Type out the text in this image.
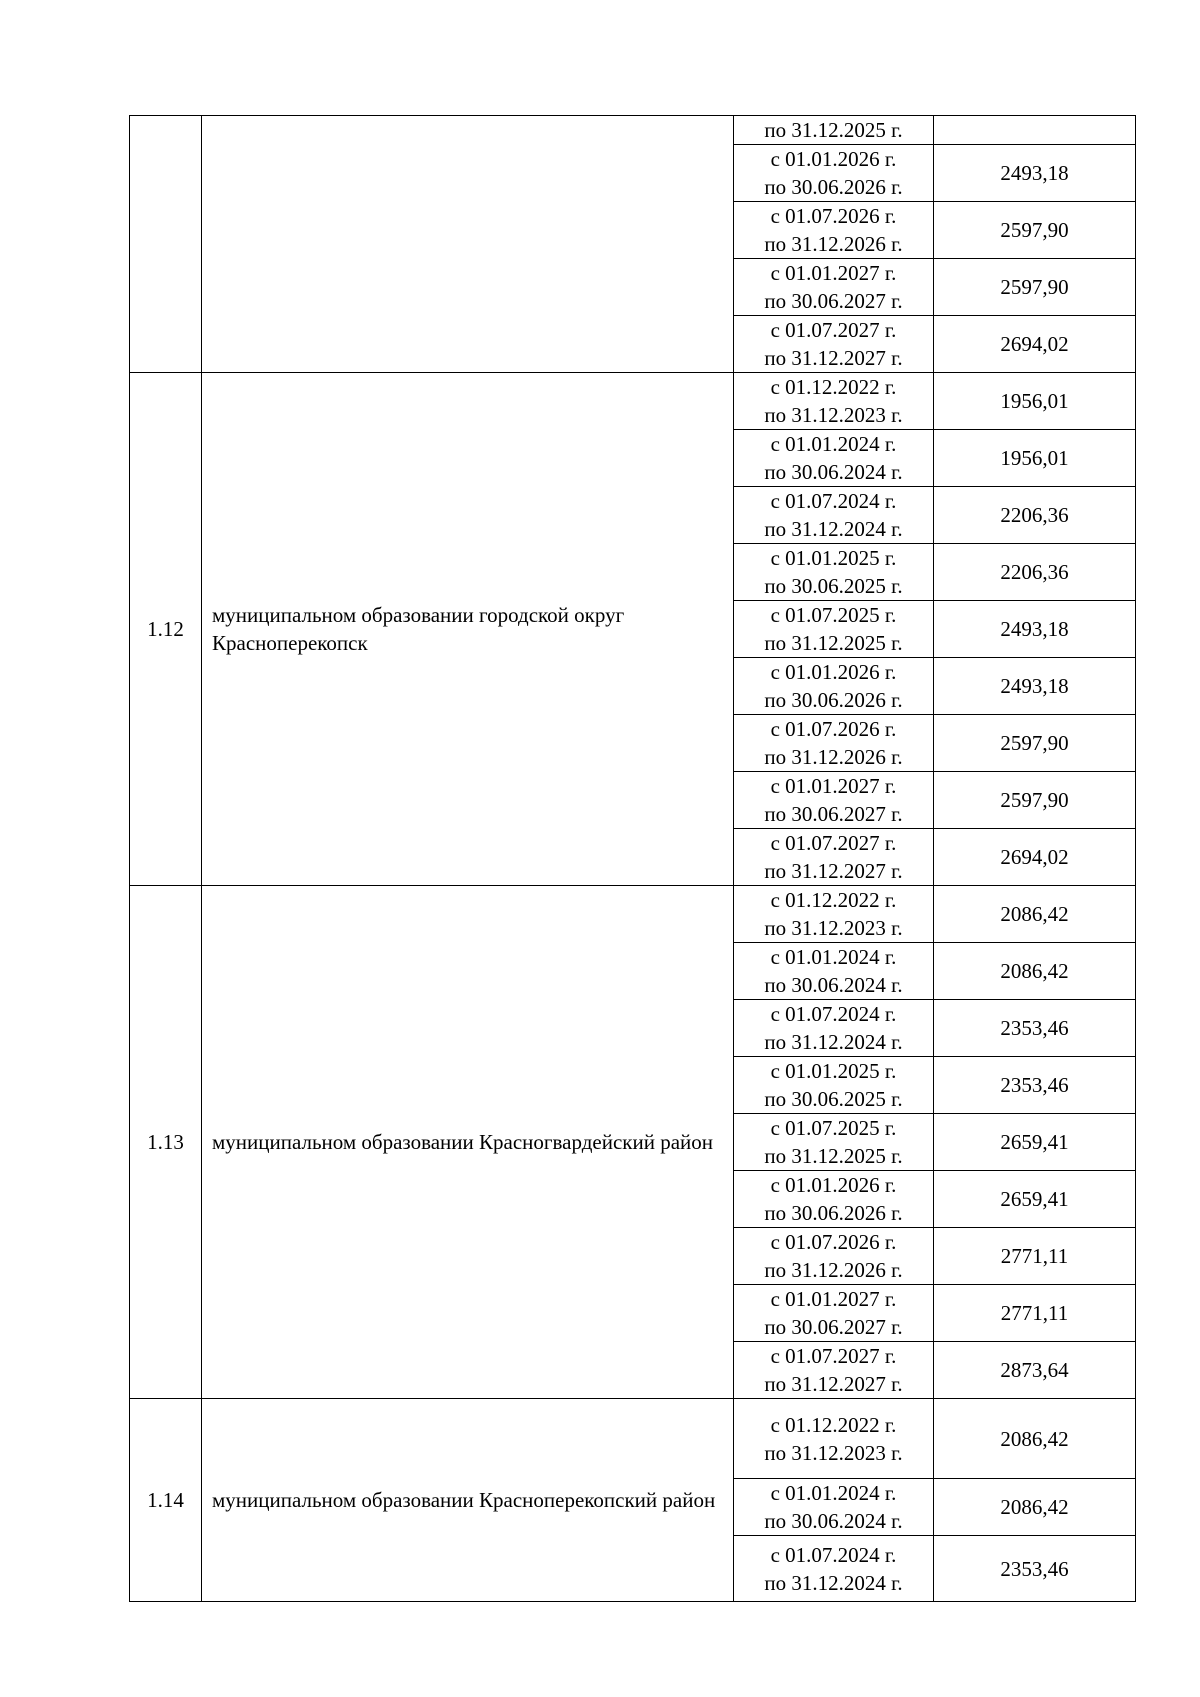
		по 31.12.2025 г.	

		с 01.01.2026 г.
по 30.06.2026 г.	2493,18

		с 01.07.2026 г.
по 31.12.2026 г.	2597,90

		с 01.01.2027 г.
по 30.06.2027 г.	2597,90

		с 01.07.2027 г.
по 31.12.2027 г.	2694,02
1.12	муниципальном образовании городской округ Красноперекопск	с 01.12.2022 г.
по 31.12.2023 г.	1956,01

		с 01.01.2024 г.
по 30.06.2024 г.	1956,01

		с 01.07.2024 г.
по 31.12.2024 г.	2206,36

		с 01.01.2025 г.
по 30.06.2025 г.	2206,36

		с 01.07.2025 г.
по 31.12.2025 г.	2493,18

		с 01.01.2026 г.
по 30.06.2026 г.	2493,18

		с 01.07.2026 г.
по 31.12.2026 г.	2597,90

		с 01.01.2027 г.
по 30.06.2027 г.	2597,90

		с 01.07.2027 г.
по 31.12.2027 г.	2694,02
1.13	муниципальном образовании Красногвардейский район	с 01.12.2022 г.
по 31.12.2023 г.	2086,42

		с 01.01.2024 г.
по 30.06.2024 г.	2086,42

		с 01.07.2024 г.
по 31.12.2024 г.	2353,46

		с 01.01.2025 г.
по 30.06.2025 г.	2353,46

		с 01.07.2025 г.
по 31.12.2025 г.	2659,41

		с 01.01.2026 г.
по 30.06.2026 г.	2659,41

		с 01.07.2026 г.
по 31.12.2026 г.	2771,11

		с 01.01.2027 г.
по 30.06.2027 г.	2771,11

		с 01.07.2027 г.
по 31.12.2027 г.	2873,64
1.14	муниципальном образовании Красноперекопский район	с 01.12.2022 г.
по 31.12.2023 г.	2086,42

		с 01.01.2024 г.
по 30.06.2024 г.	2086,42

		с 01.07.2024 г.
по 31.12.2024 г.	2353,46
